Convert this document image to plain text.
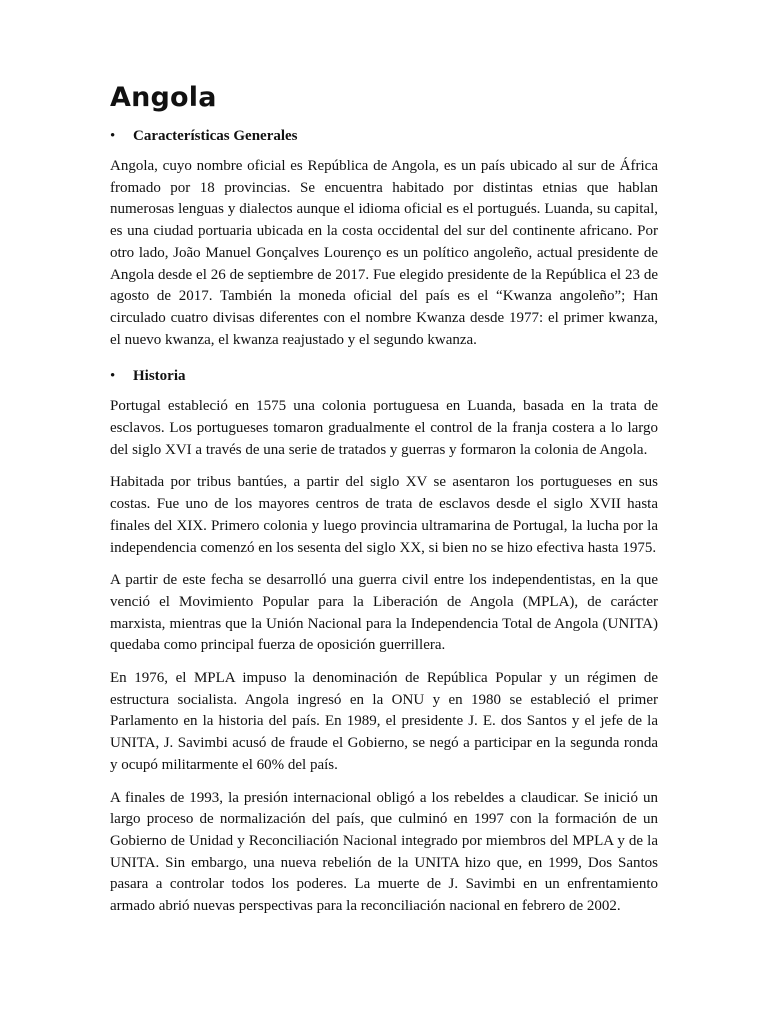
Angola
•	Características Generales

Angola, cuyo nombre oficial es República de Angola, es un país ubicado al sur de África fromado por 18 provincias. Se encuentra habitado por distintas etnias que hablan numerosas lenguas y dialectos aunque el idioma oficial es el portugués. Luanda, su capital, es una ciudad portuaria ubicada en la costa occidental del sur del continente africano. Por otro lado, João Manuel Gonçalves Lourenço es un político angoleño, actual presidente de Angola desde el 26 de septiembre de 2017. Fue elegido presidente de la República el 23 de agosto de 2017. También la moneda oficial del país es el “Kwanza angoleño”; Han circulado cuatro divisas diferentes con el nombre Kwanza desde 1977: el primer kwanza, el nuevo kwanza, el kwanza reajustado y el segundo kwanza.

•	Historia

Portugal estableció en 1575 una colonia portuguesa en Luanda, basada en la trata de esclavos. Los portugueses tomaron gradualmente el control de la franja costera a lo largo del siglo XVI a través de una serie de tratados y guerras y formaron la colonia de Angola.

Habitada por tribus bantúes, a partir del siglo XV se asentaron los portugueses en sus costas. Fue uno de los mayores centros de trata de esclavos desde el siglo XVII hasta finales del XIX. Primero colonia y luego provincia ultramarina de Portugal, la lucha por la independencia comenzó en los sesenta del siglo XX, si bien no se hizo efectiva hasta 1975.

A partir de este fecha se desarrolló una guerra civil entre los independentistas, en la que venció el Movimiento Popular para la Liberación de Angola (MPLA), de carácter marxista, mientras que la Unión Nacional para la Independencia Total de Angola (UNITA) quedaba como principal fuerza de oposición guerrillera.

En 1976, el MPLA impuso la denominación de República Popular y un régimen de estructura socialista. Angola ingresó en la ONU y en 1980 se estableció el primer Parlamento en la historia del país. En 1989, el presidente J. E. dos Santos y el jefe de la UNITA, J. Savimbi acusó de fraude el Gobierno, se negó a participar en la segunda ronda y ocupó militarmente el 60% del país.

A finales de 1993, la presión internacional obligó a los rebeldes a claudicar. Se inició un largo proceso de normalización del país, que culminó en 1997 con la formación de un Gobierno de Unidad y Reconciliación Nacional integrado por miembros del MPLA y de la UNITA. Sin embargo, una nueva rebelión de la UNITA hizo que, en 1999, Dos Santos pasara a controlar todos los poderes. La muerte de J. Savimbi en un enfrentamiento armado abrió nuevas perspectivas para la reconciliación nacional en febrero de 2002.
